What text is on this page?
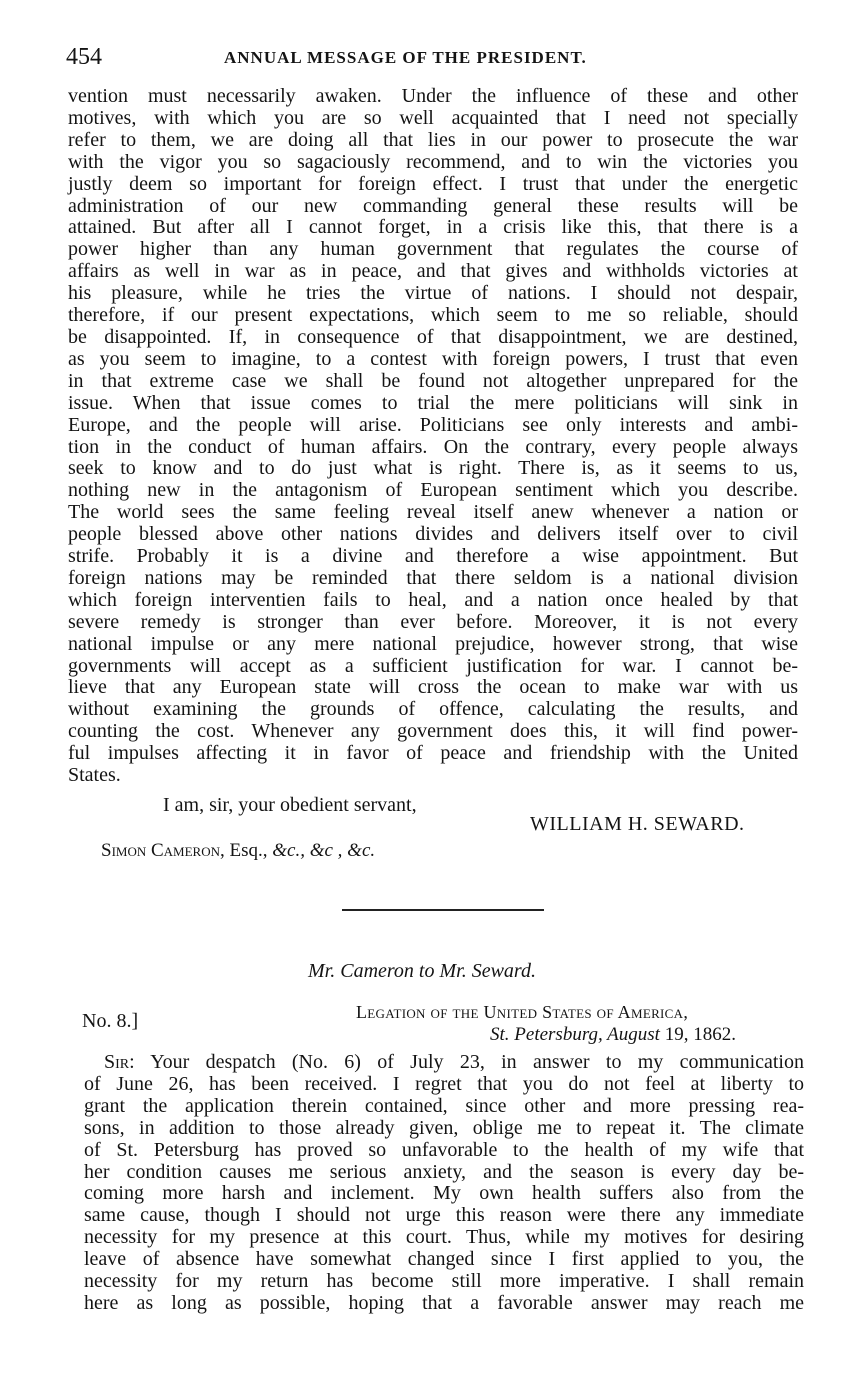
454	ANNUAL MESSAGE OF THE PRESIDENT.
vention must necessarily awaken. Under the influence of these and other
motives, with which you are so well acquainted that I need not specially
refer to them, we are doing all that lies in our power to prosecute the war
with the vigor you so sagaciously recommend, and to win the victories you
justly deem so important for foreign effect. I trust that under the energetic
administration of our new commanding general these results will be
attained. But after all I cannot forget, in a crisis like this, that there is a
power higher than any human government that regulates the course of
affairs as well in war as in peace, and that gives and withholds victories at
his pleasure, while he tries the virtue of nations. I should not despair,
therefore, if our present expectations, which seem to me so reliable, should
be disappointed. If, in consequence of that disappointment, we are destined,
as you seem to imagine, to a contest with foreign powers, I trust that even
in that extreme case we shall be found not altogether unprepared for the
issue. When that issue comes to trial the mere politicians will sink in
Europe, and the people will arise. Politicians see only interests and ambi-
tion in the conduct of human affairs. On the contrary, every people always
seek to know and to do just what is right. There is, as it seems to us,
nothing new in the antagonism of European sentiment which you describe.
The world sees the same feeling reveal itself anew whenever a nation or
people blessed above other nations divides and delivers itself over to civil
strife. Probably it is a divine and therefore a wise appointment. But
foreign nations may be reminded that there seldom is a national division
which foreign interventien fails to heal, and a nation once healed by that
severe remedy is stronger than ever before. Moreover, it is not every
national impulse or any mere national prejudice, however strong, that wise
governments will accept as a sufficient justification for war. I cannot be-
lieve that any European state will cross the ocean to make war with us
without examining the grounds of offence, calculating the results, and
counting the cost. Whenever any government does this, it will find power-
ful impulses affecting it in favor of peace and friendship with the United
States.
I am, sir, your obedient servant,
WILLIAM H. SEWARD.
Simon Cameron, Esq., &c., &c , &c.
Mr. Cameron to Mr. Seward.
No. 8.]	Legation of the United States of America,
St. Petersburg, August 19, 1862.
Sir: Your despatch (No. 6) of July 23, in answer to my communication
of June 26, has been received. I regret that you do not feel at liberty to
grant the application therein contained, since other and more pressing rea-
sons, in addition to those already given, oblige me to repeat it. The climate
of St. Petersburg has proved so unfavorable to the health of my wife that
her condition causes me serious anxiety, and the season is every day be-
coming more harsh and inclement. My own health suffers also from the
same cause, though I should not urge this reason were there any immediate
necessity for my presence at this court. Thus, while my motives for desiring
leave of absence have somewhat changed since I first applied to you, the
necessity for my return has become still more imperative. I shall remain
here as long as possible, hoping that a favorable answer may reach me
